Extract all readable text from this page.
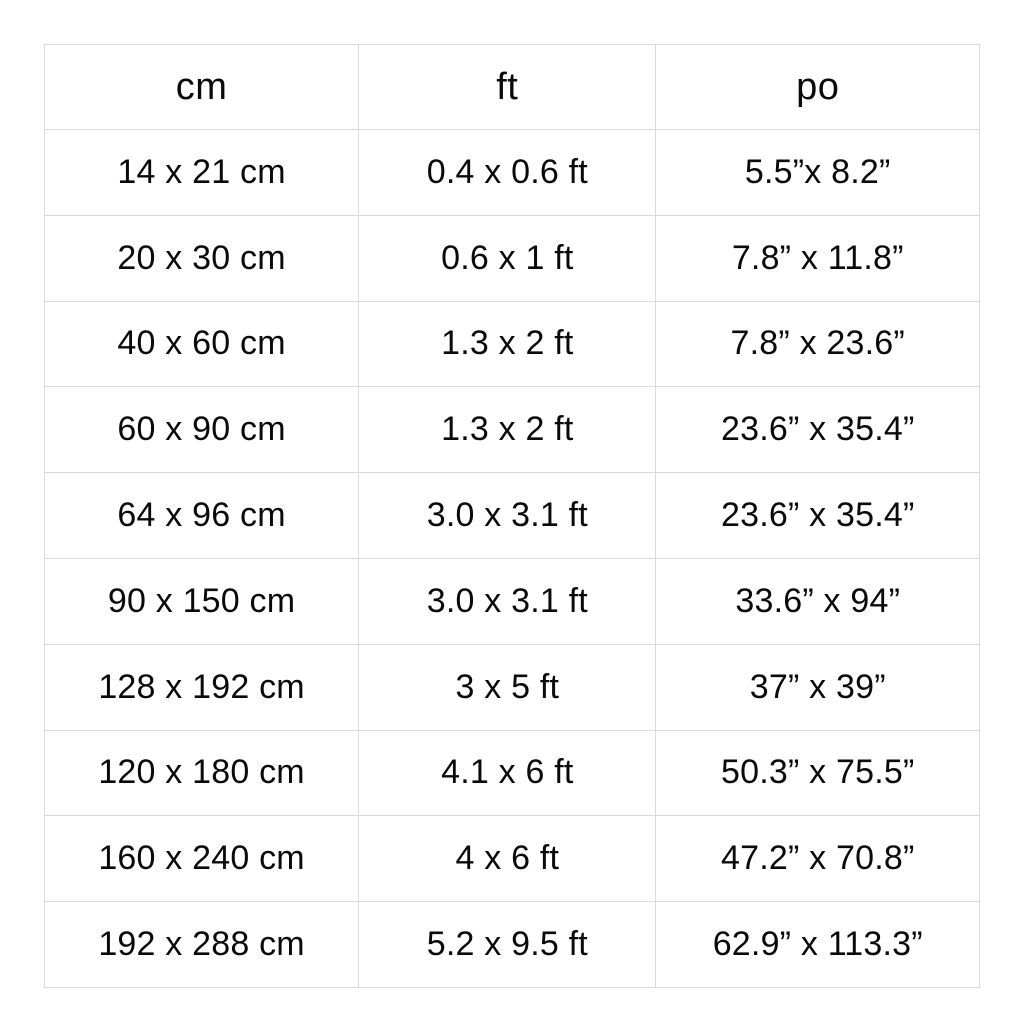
cm	ft	po
14 x 21 cm	0.4 x 0.6 ft	5.5”x 8.2”
20 x 30 cm	0.6 x 1 ft	7.8” x 11.8”
40 x 60 cm	1.3 x 2 ft	7.8” x 23.6”
60 x 90 cm	1.3 x 2 ft	23.6” x 35.4”
64 x 96 cm	3.0 x 3.1 ft	23.6” x 35.4”
90 x 150 cm	3.0 x 3.1 ft	33.6” x 94”
128 x 192 cm	3 x 5 ft	37” x 39”
120 x 180 cm	4.1 x 6 ft	50.3” x 75.5”
160 x 240 cm	4 x 6 ft	47.2” x 70.8”
192 x 288 cm	5.2 x 9.5 ft	62.9” x 113.3”
